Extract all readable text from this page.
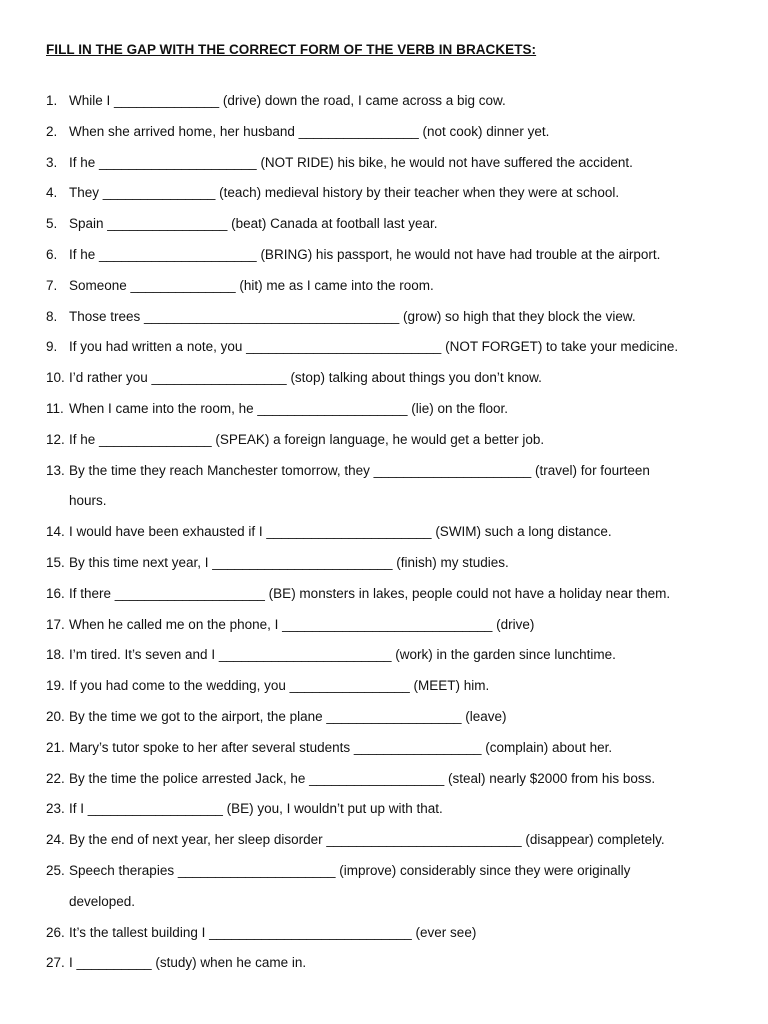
FILL IN THE GAP WITH THE CORRECT FORM OF THE VERB IN BRACKETS:
1. While I ______________ (drive) down the road, I came across a big cow.
2. When she arrived home, her husband ________________ (not cook) dinner yet.
3. If he _____________________ (NOT RIDE) his bike, he would not have suffered the accident.
4. They _______________ (teach) medieval history by their teacher when they were at school.
5. Spain ________________ (beat) Canada at football last year.
6. If he _____________________ (BRING) his passport, he would not have had trouble at the airport.
7. Someone ______________ (hit) me as I came into the room.
8. Those trees __________________________________ (grow) so high that they block the view.
9. If you had written a note, you __________________________ (NOT FORGET) to take your medicine.
10. I’d rather you __________________ (stop) talking about things you don’t know.
11. When I came into the room, he ____________________ (lie) on the floor.
12. If he _______________ (SPEAK) a foreign language, he would get a better job.
13. By the time they reach Manchester tomorrow, they _____________________ (travel) for fourteen
hours.
14. I would have been exhausted if I ______________________ (SWIM) such a long distance.
15. By this time next year, I ________________________ (finish) my studies.
16. If there ____________________ (BE) monsters in lakes, people could not have a holiday near them.
17. When he called me on the phone, I ____________________________ (drive)
18. I’m tired. It’s seven and I _______________________ (work) in the garden since lunchtime.
19. If you had come to the wedding, you ________________ (MEET) him.
20. By the time we got to the airport, the plane __________________ (leave)
21. Mary’s tutor spoke to her after several students _________________ (complain) about her.
22. By the time the police arrested Jack, he __________________ (steal) nearly $2000 from his boss.
23. If I __________________ (BE) you, I wouldn’t put up with that.
24. By the end of next year, her sleep disorder __________________________ (disappear) completely.
25. Speech therapies _____________________ (improve) considerably since they were originally
developed.
26. It’s the tallest building I ___________________________ (ever see)
27. I __________ (study) when he came in.
